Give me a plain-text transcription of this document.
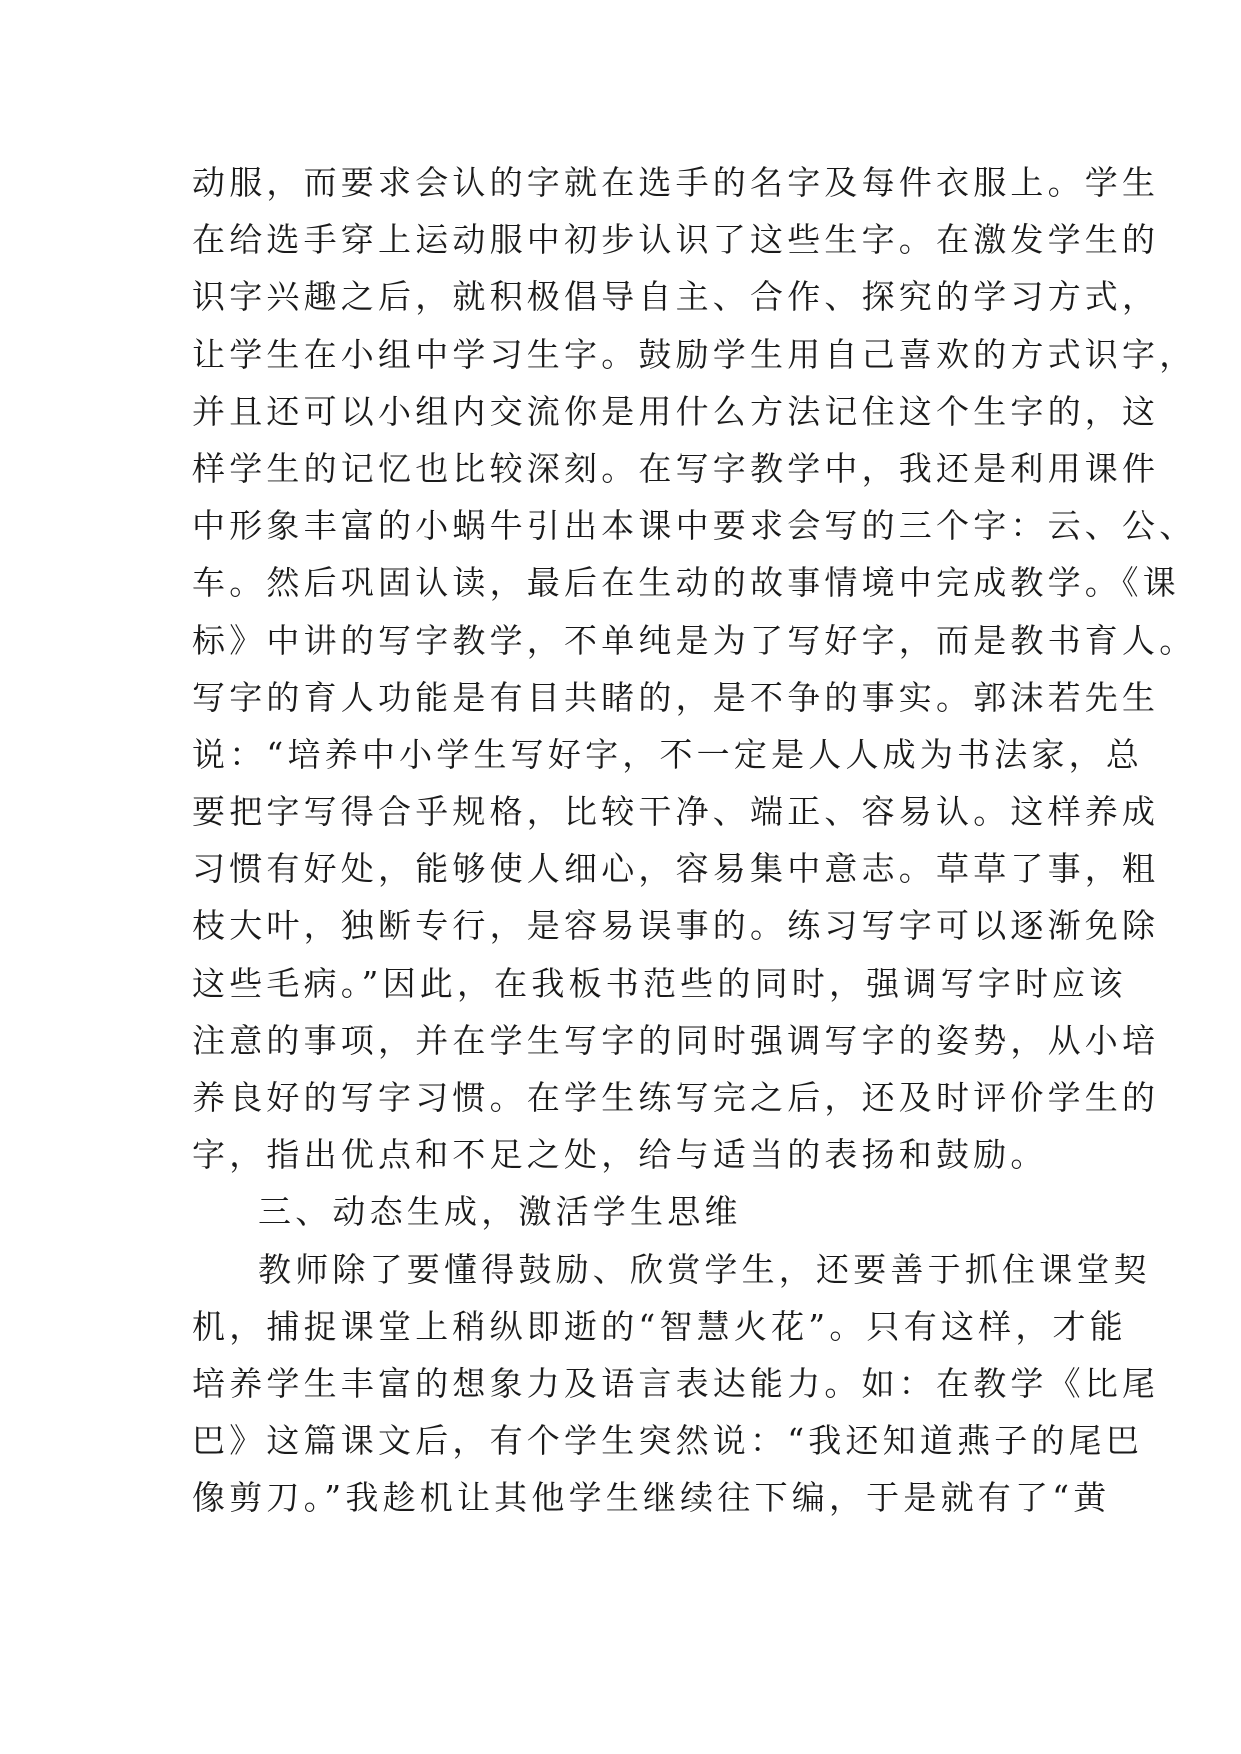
动服，而要求会认的字就在选手的名字及每件衣服上。学生
在给选手穿上运动服中初步认识了这些生字。在激发学生的
识字兴趣之后，就积极倡导自主、合作、探究的学习方式，
让学生在小组中学习生字。鼓励学生用自己喜欢的方式识字，
并且还可以小组内交流你是用什么方法记住这个生字的，这
样学生的记忆也比较深刻。在写字教学中，我还是利用课件
中形象丰富的小蜗牛引出本课中要求会写的三个字：云、公、
车。然后巩固认读，最后在生动的故事情境中完成教学。《课
标》中讲的写字教学，不单纯是为了写好字，而是教书育人。
写字的育人功能是有目共睹的，是不争的事实。郭沫若先生
说：“培养中小学生写好字，不一定是人人成为书法家，总
要把字写得合乎规格，比较干净、端正、容易认。这样养成
习惯有好处，能够使人细心，容易集中意志。草草了事，粗
枝大叶，独断专行，是容易误事的。练习写字可以逐渐免除
这些毛病。”因此，在我板书范些的同时，强调写字时应该
注意的事项，并在学生写字的同时强调写字的姿势，从小培
养良好的写字习惯。在学生练写完之后，还及时评价学生的
字，指出优点和不足之处，给与适当的表扬和鼓励。
三、动态生成，激活学生思维
教师除了要懂得鼓励、欣赏学生，还要善于抓住课堂契
机，捕捉课堂上稍纵即逝的“智慧火花”。只有这样，才能
培养学生丰富的想象力及语言表达能力。如：在教学《比尾
巴》这篇课文后，有个学生突然说：“我还知道燕子的尾巴
像剪刀。”我趁机让其他学生继续往下编，于是就有了“黄
